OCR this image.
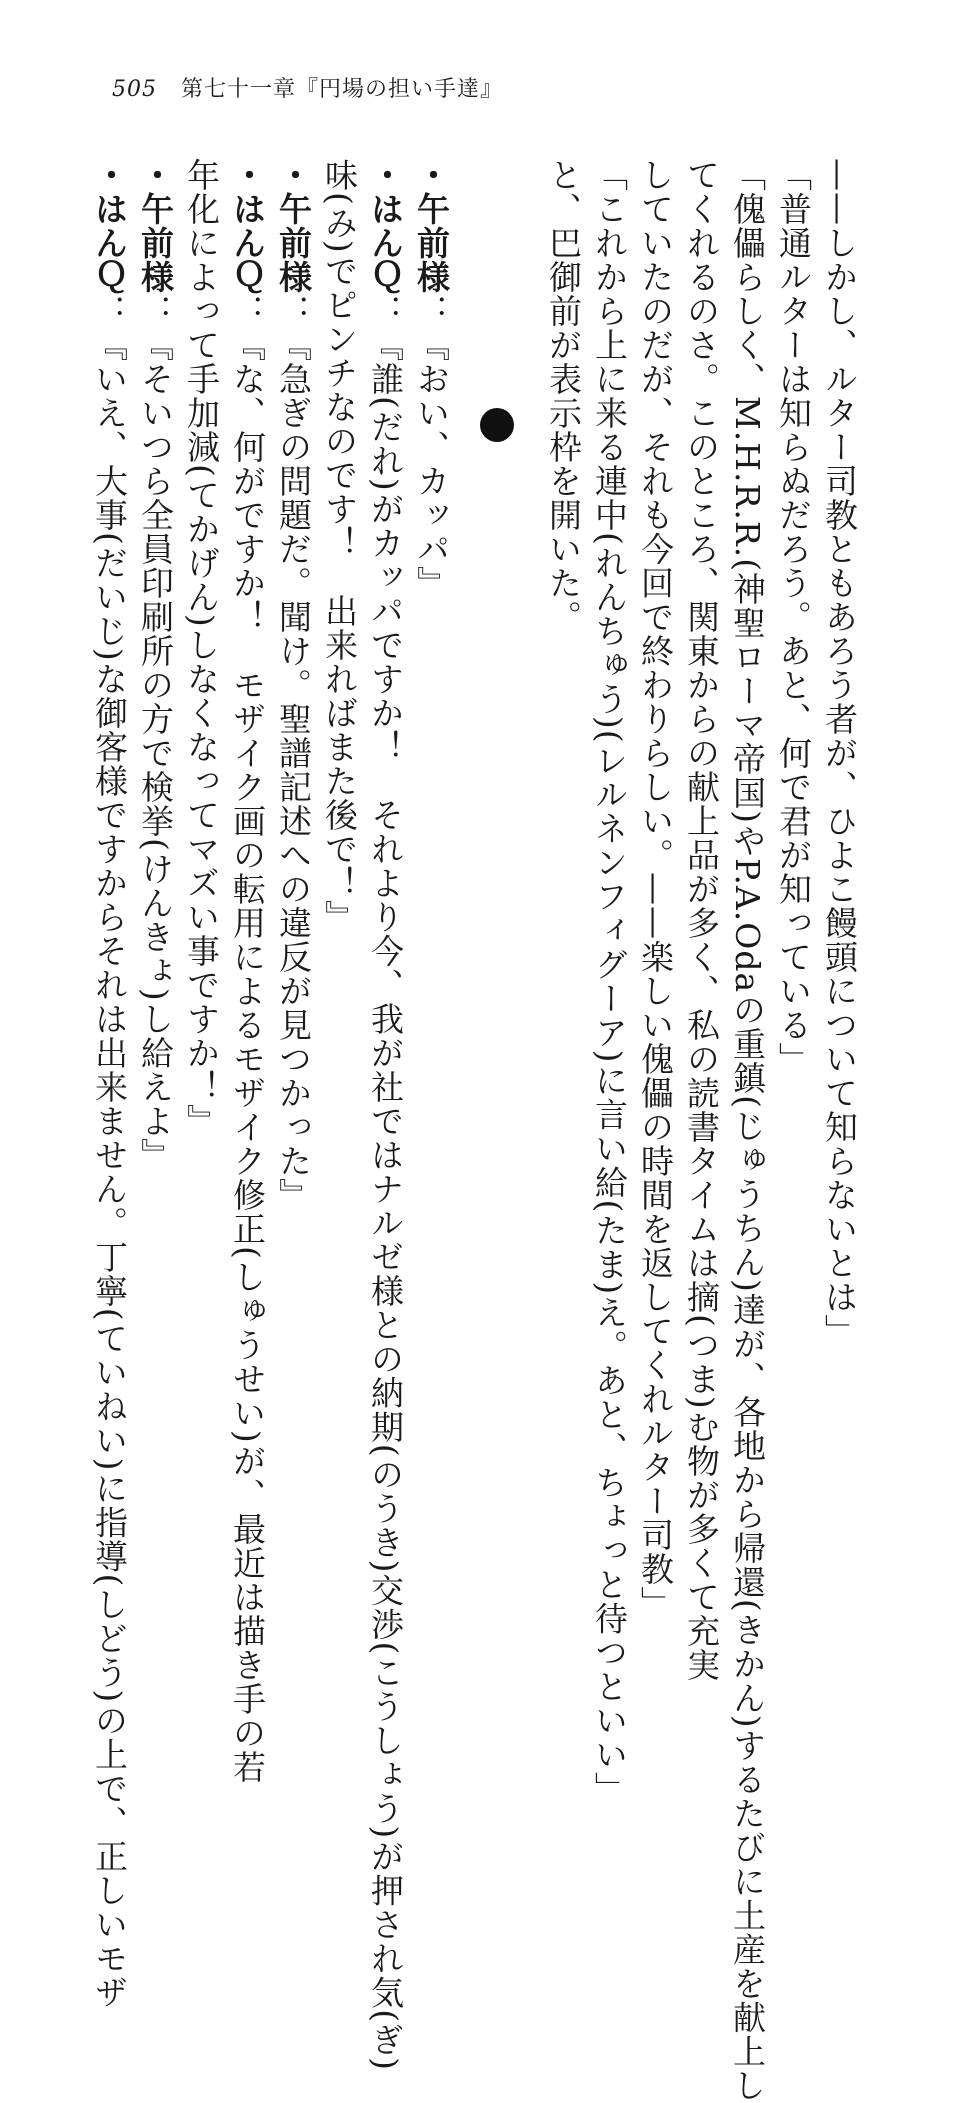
505 第七十一章『円場の担い手達』

——しかし、ルター司教ともあろう者が、ひよこ饅頭について知らないとは」

「普通ルターは知らぬだろう。あと、何で君が知っている」

「傀儡らしく、M.H.R.R.(神聖ローマ帝国)やP.A.Odaの重鎮(じゅうちん)達が、各地から帰還(きかん)するたびに土産を献上し

てくれるのさ。このところ、関東からの献上品が多く、私の読書タイムは摘(つま)む物が多くて充実

していたのだが、それも今回で終わりらしい。——楽しい傀儡の時間を返してくれルター司教」

「これから上に来る連中(れんちゅう)(レルネンフィグーア)に言い給(たま)え。あと、ちょっと待つといい」

と、巴御前が表示枠を開いた。

・午前様：『おい、カッパ』

・はんＱ：『誰(だれ)がカッパですか！　それより今、我が社ではナルゼ様との納期(のうき)交渉(こうしょう)が押され気(ぎ)

味(み)でピンチなのです！　出来ればまた後で！』

・午前様：『急ぎの問題だ。聞け。聖譜記述への違反が見つかった』

・はんＱ：『な、何がですか！　モザイク画の転用によるモザイク修正(しゅうせい)が、最近は描き手の若

年化によって手加減(てかげん)しなくなってマズい事ですか！』

・午前様：『そいつら全員印刷所の方で検挙(けんきょ)し給えよ』

・はんＱ：『いえ、大事(だいじ)な御客様ですからそれは出来ません。丁寧(ていねい)に指導(しどう)の上で、正しいモザ
